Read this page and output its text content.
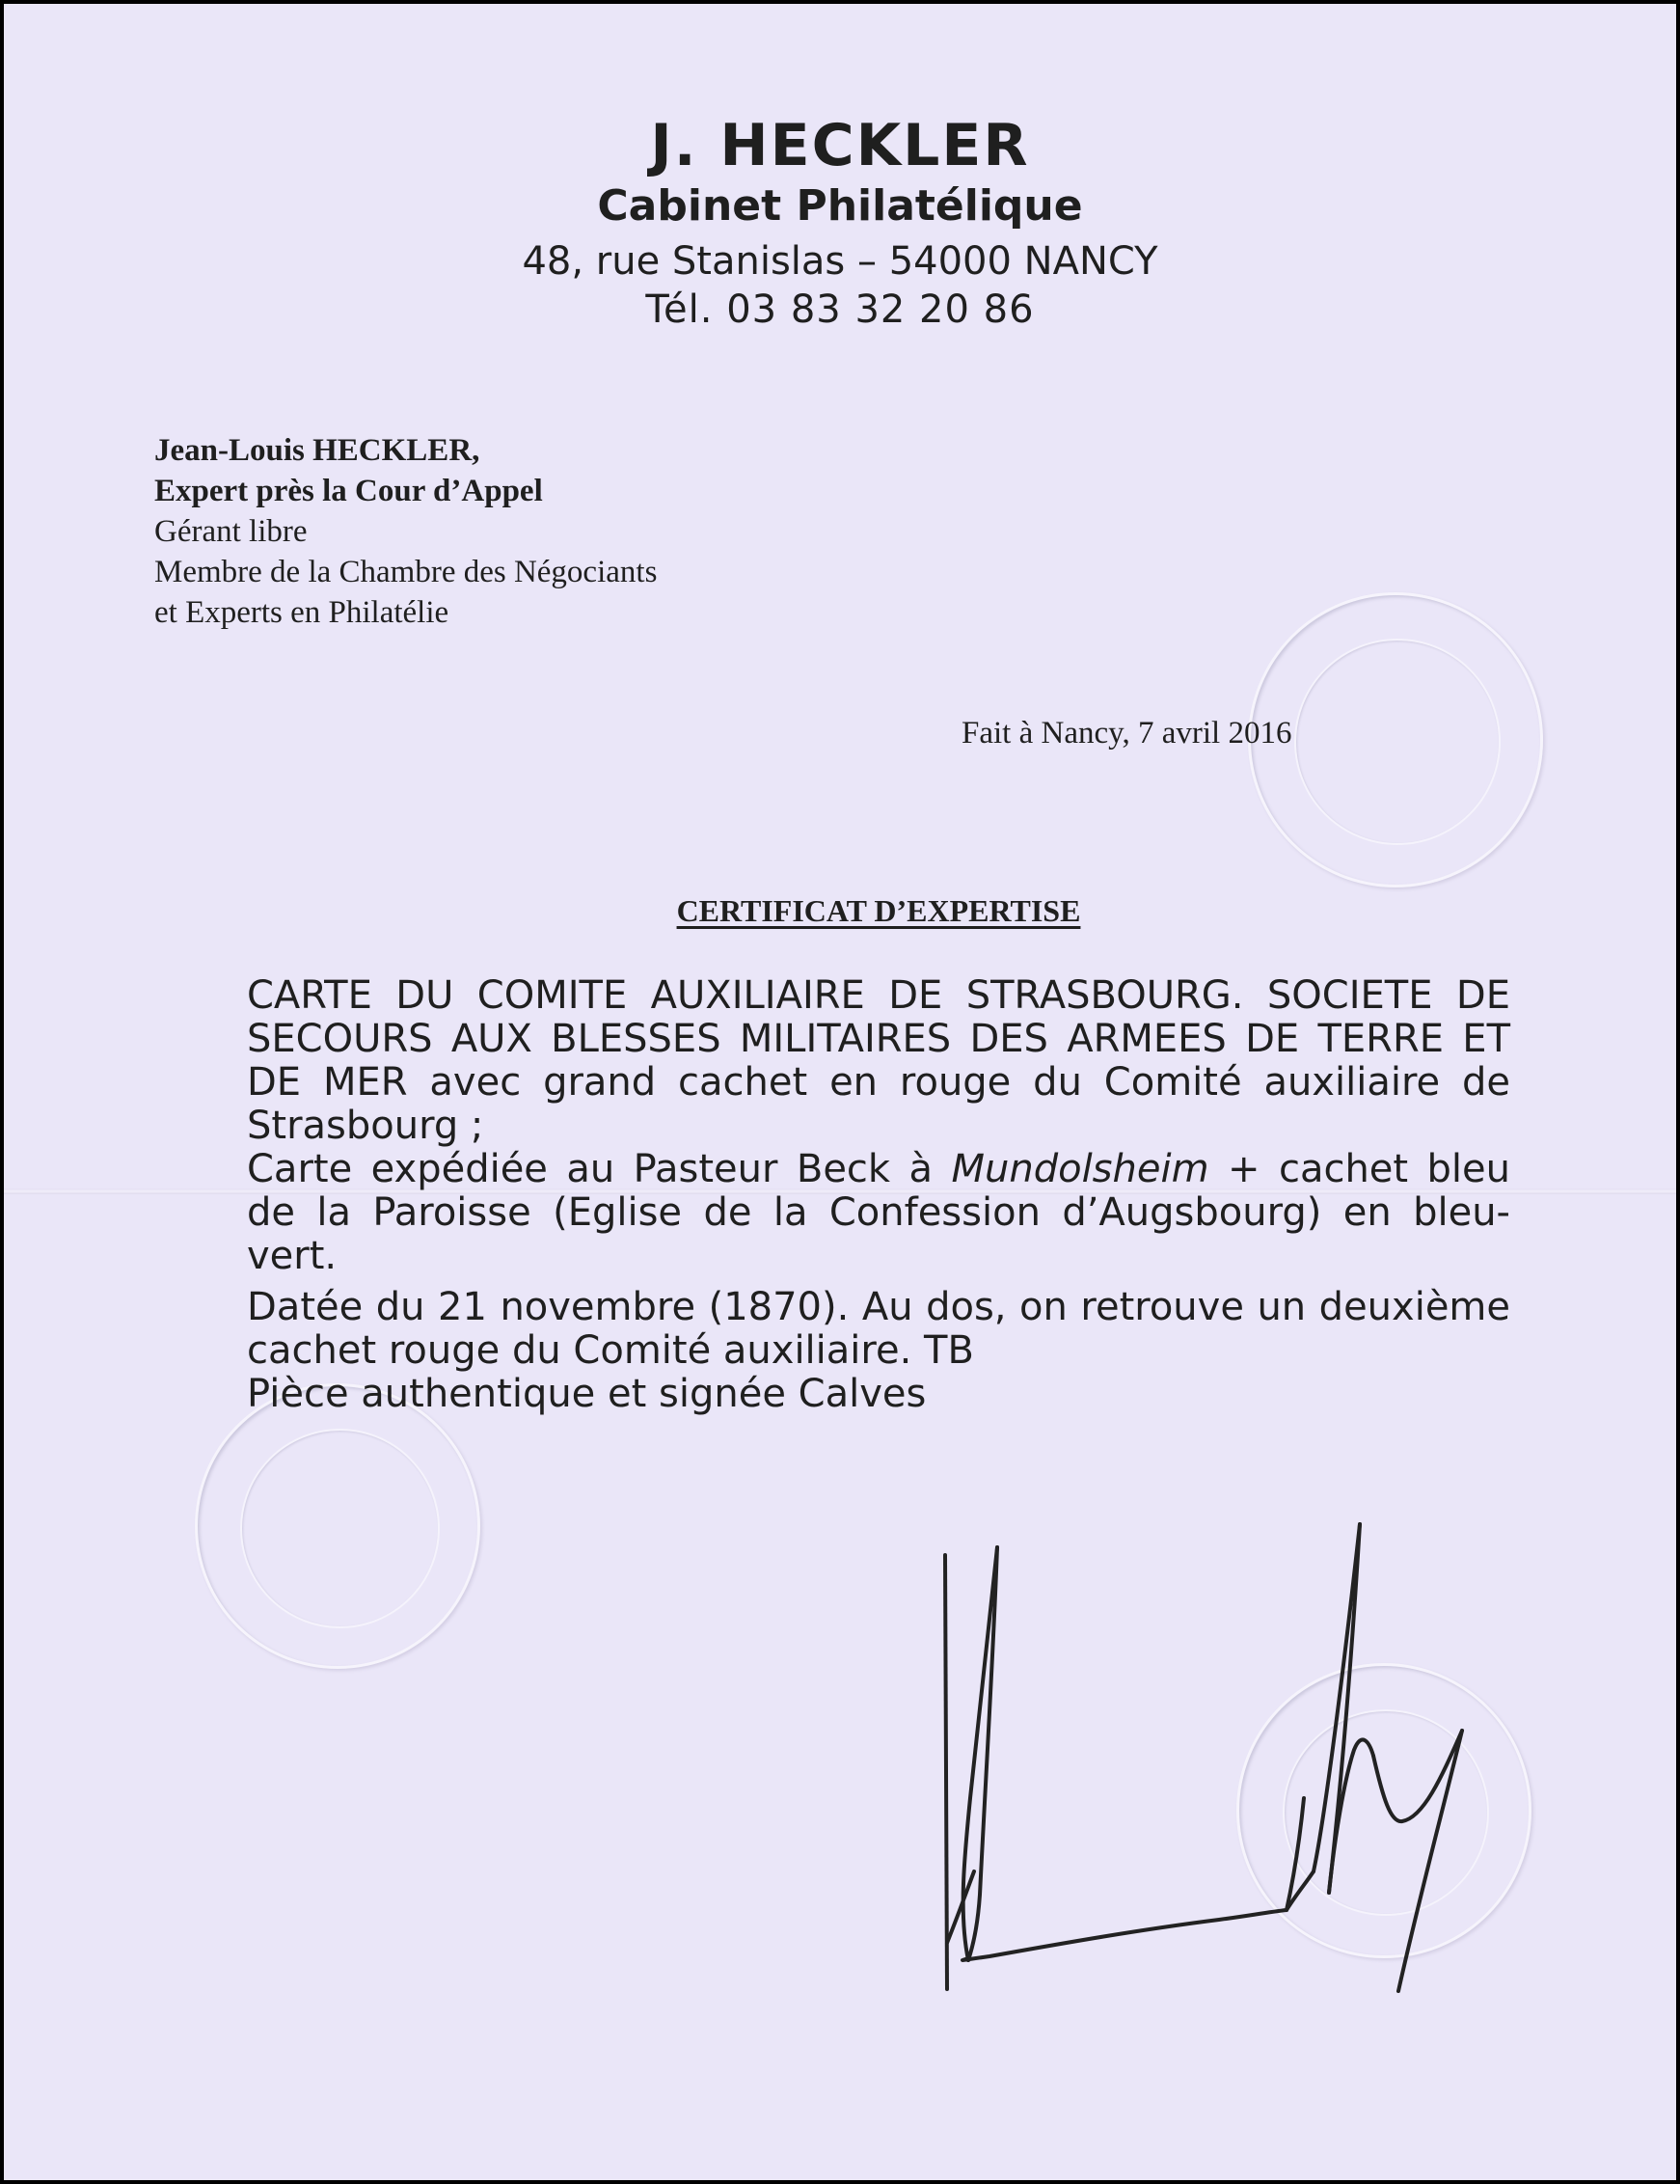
J. HECKLER
Cabinet Philatélique
48, rue Stanislas – 54000 NANCY
Tél. 03 83 32 20 86
Jean-Louis HECKLER,
Expert près la Cour d’Appel
Gérant libre
Membre de la Chambre des Négociants
et Experts en Philatélie
Fait à Nancy, 7 avril 2016
CERTIFICAT D’EXPERTISE

CARTE DU COMITE AUXILIAIRE DE STRASBOURG. SOCIETE DE SECOURS AUX BLESSES MILITAIRES DES ARMEES DE TERRE ET DE MER avec grand cachet en rouge du Comité auxiliaire de Strasbourg ;

Carte expédiée au Pasteur Beck à Mundolsheim + cachet bleu de la Paroisse (Eglise de la Confession d’Augsbourg) en bleu-vert.

Datée du 21 novembre (1870). Au dos, on retrouve un deuxième cachet rouge du Comité auxiliaire. TB

Pièce authentique et signée Calves
